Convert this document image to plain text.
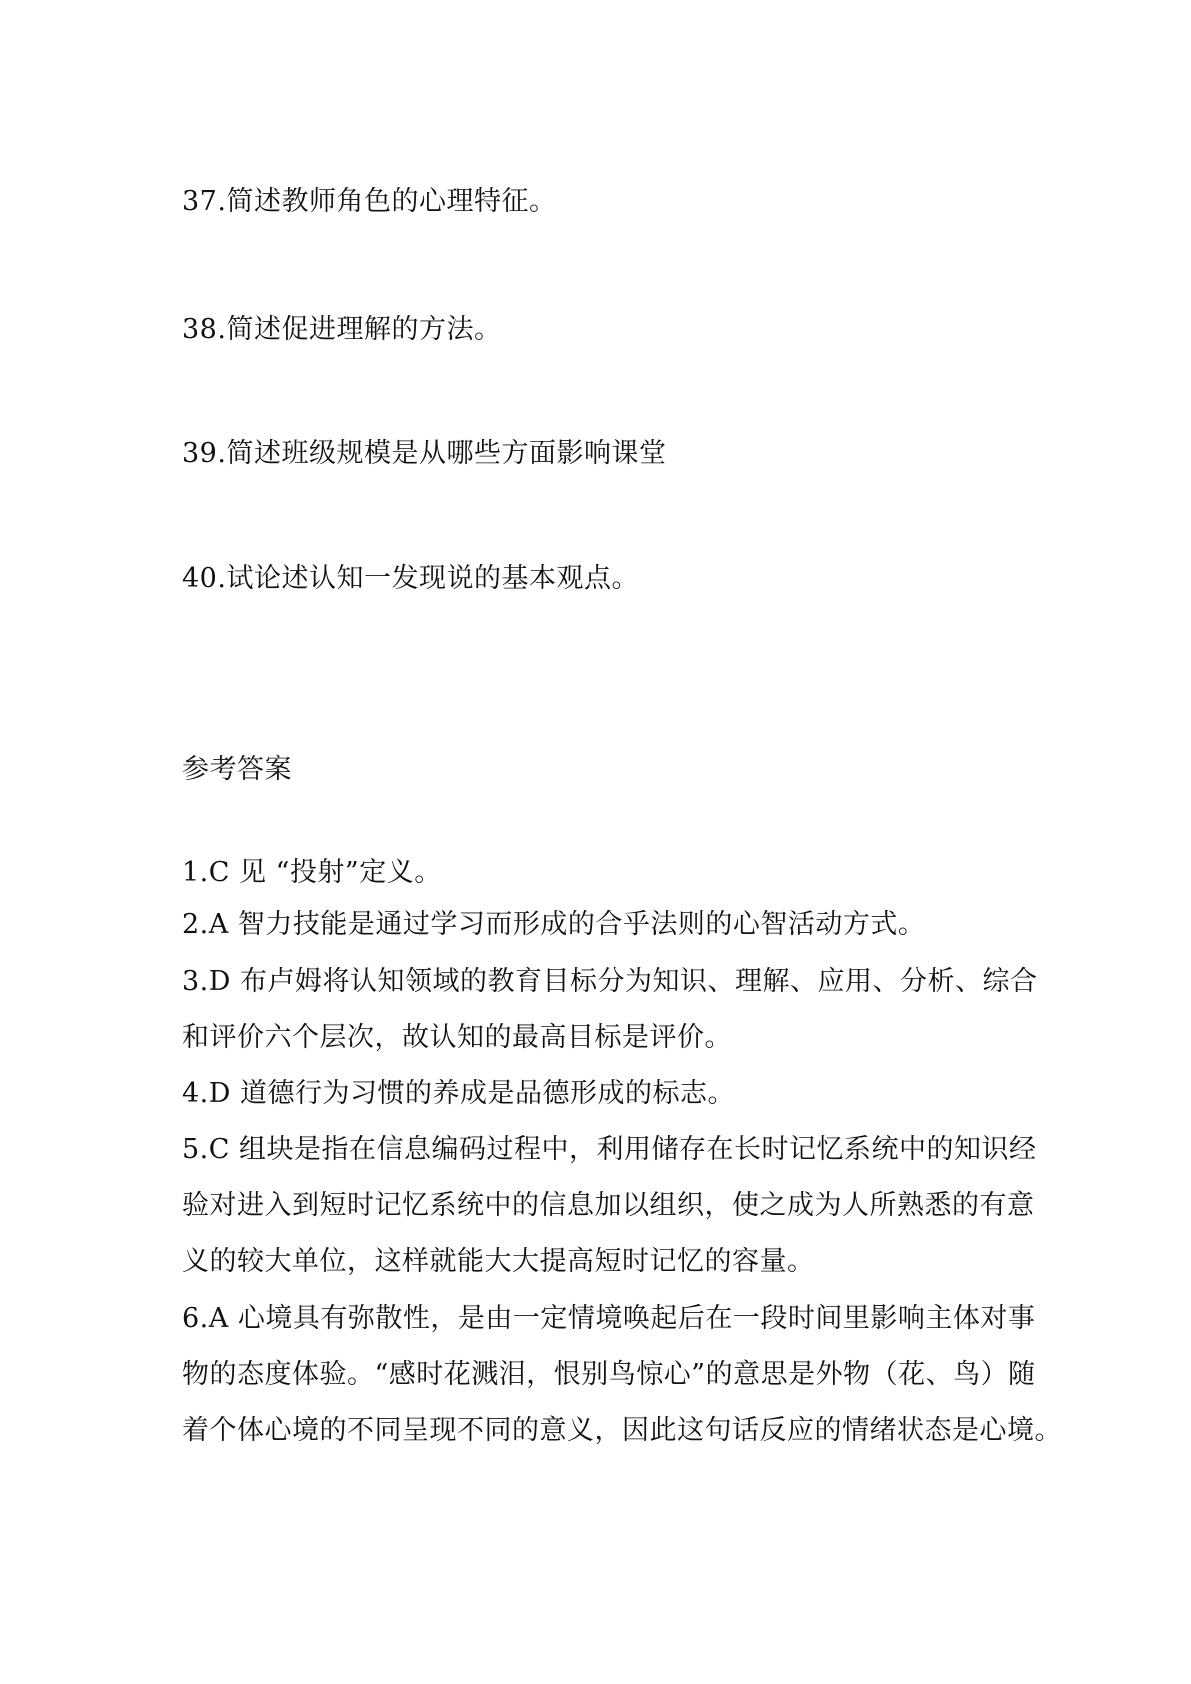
37.简述教师角色的心理特征。
38.简述促进理解的方法。
39.简述班级规模是从哪些方面影响课堂
40.试论述认知一发现说的基本观点。
参考答案
1.C 见 “投射”定义。
2.A 智力技能是通过学习而形成的合乎法则的心智活动方式。
3.D 布卢姆将认知领域的教育目标分为知识、理解、应用、分析、综合
和评价六个层次，故认知的最高目标是评价。
4.D 道德行为习惯的养成是品德形成的标志。
5.C 组块是指在信息编码过程中，利用储存在长时记忆系统中的知识经
验对进入到短时记忆系统中的信息加以组织，使之成为人所熟悉的有意
义的较大单位，这样就能大大提高短时记忆的容量。
6.A 心境具有弥散性，是由一定情境唤起后在一段时间里影响主体对事
物的态度体验。“感时花溅泪，恨别鸟惊心”的意思是外物（花、鸟）随
着个体心境的不同呈现不同的意义，因此这句话反应的情绪状态是心境。
